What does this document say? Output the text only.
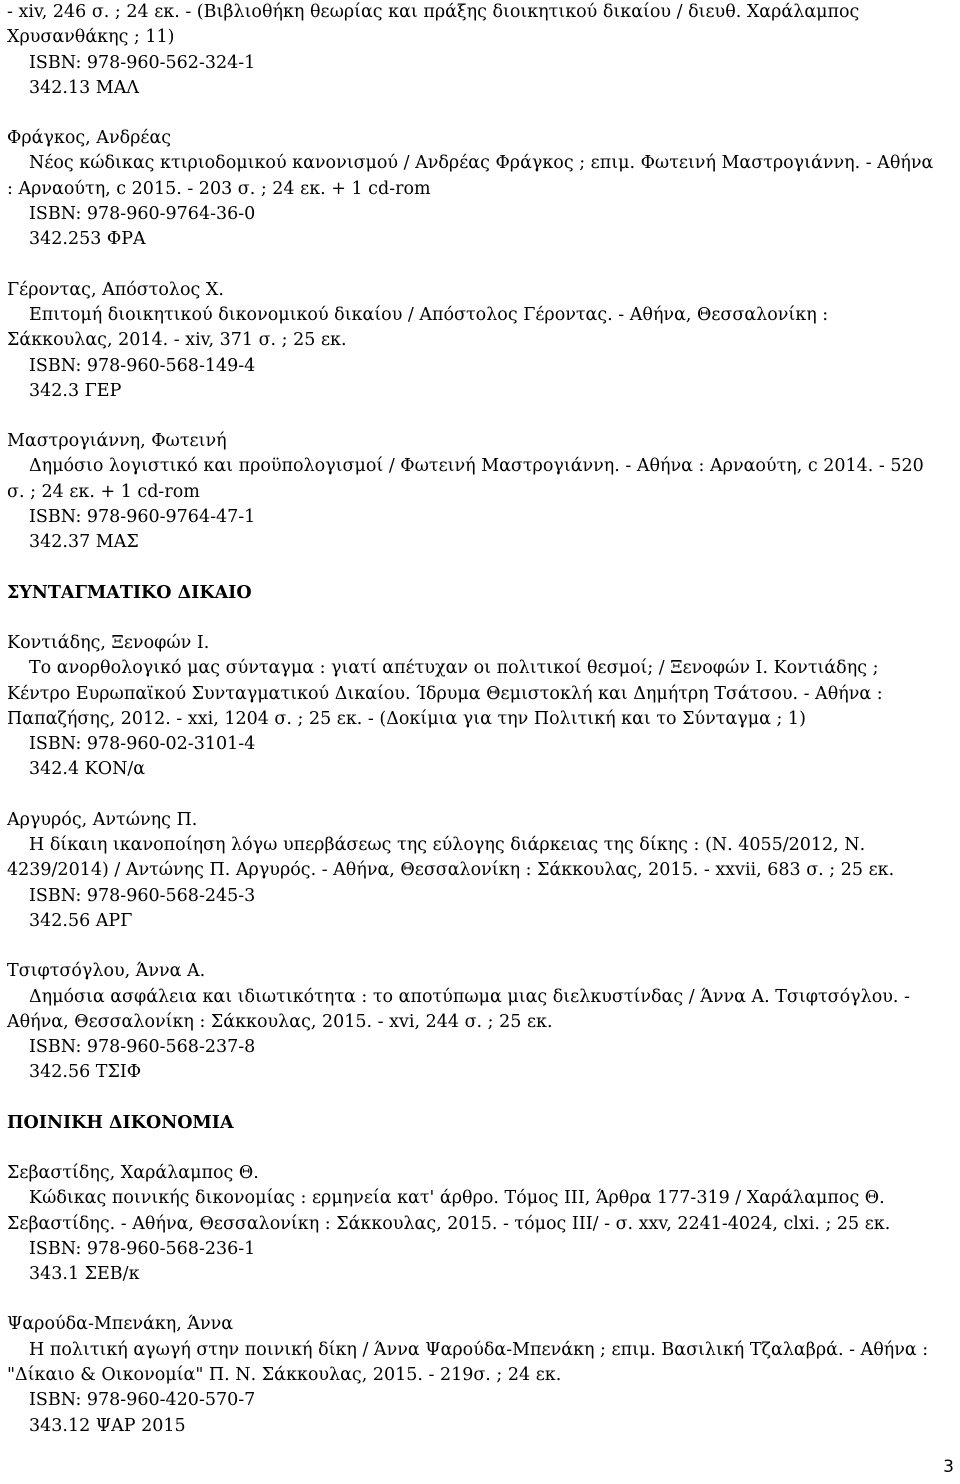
- xiv, 246 σ. ; 24 εκ. - (Βιβλιοθήκη θεωρίας και πράξης διοικητικού δικαίου / διευθ. Χαράλαμπος Χρυσανθάκης ; 11)
ISBN: 978-960-562-324-1
342.13 ΜΑΛ
Φράγκος, Ανδρέας
Νέος κώδικας κτιριοδομικού κανονισμού / Ανδρέας Φράγκος ; επιμ. Φωτεινή Μαστρογιάννη. - Αθήνα : Αρναούτη, c 2015. - 203 σ. ; 24 εκ. + 1 cd-rom
ISBN: 978-960-9764-36-0
342.253 ΦΡΑ
Γέροντας, Απόστολος Χ.
Επιτομή διοικητικού δικονομικού δικαίου / Απόστολος Γέροντας. - Αθήνα, Θεσσαλονίκη : Σάκκουλας, 2014. - xiv, 371 σ. ; 25 εκ.
ISBN: 978-960-568-149-4
342.3 ΓΕΡ
Μαστρογιάννη, Φωτεινή
Δημόσιο λογιστικό και προϋπολογισμοί / Φωτεινή Μαστρογιάννη. - Αθήνα : Αρναούτη, c 2014. - 520 σ. ; 24 εκ. + 1 cd-rom
ISBN: 978-960-9764-47-1
342.37 ΜΑΣ
ΣΥΝΤΑΓΜΑΤΙΚΟ ΔΙΚΑΙΟ
Κοντιάδης, Ξενοφών Ι.
Το ανορθολογικό μας σύνταγμα : γιατί απέτυχαν οι πολιτικοί θεσμοί; / Ξενοφών Ι. Κοντιάδης ; Κέντρο Ευρωπαϊκού Συνταγματικού Δικαίου. Ίδρυμα Θεμιστοκλή και Δημήτρη Τσάτσου. - Αθήνα : Παπαζήσης, 2012. - xxi, 1204 σ. ; 25 εκ. - (Δοκίμια για την Πολιτική και το Σύνταγμα ; 1)
ISBN: 978-960-02-3101-4
342.4 ΚΟΝ/α
Αργυρός, Αντώνης Π.
Η δίκαιη ικανοποίηση λόγω υπερβάσεως της εύλογης διάρκειας της δίκης : (Ν. 4055/2012, Ν. 4239/2014) / Αντώνης Π. Αργυρός. - Αθήνα, Θεσσαλονίκη : Σάκκουλας, 2015. - xxvii, 683 σ. ; 25 εκ.
ISBN: 978-960-568-245-3
342.56 ΑΡΓ
Τσιφτσόγλου, Άννα Α.
Δημόσια ασφάλεια και ιδιωτικότητα : το αποτύπωμα μιας διελκυστίνδας / Άννα Α. Τσιφτσόγλου. - Αθήνα, Θεσσαλονίκη : Σάκκουλας, 2015. - xvi, 244 σ. ; 25 εκ.
ISBN: 978-960-568-237-8
342.56 ΤΣΙΦ
ΠΟΙΝΙΚΗ ΔΙΚΟΝΟΜΙΑ
Σεβαστίδης, Χαράλαμπος Θ.
Κώδικας ποινικής δικονομίας : ερμηνεία κατ' άρθρο. Τόμος ΙΙΙ, Άρθρα 177-319 / Χαράλαμπος Θ. Σεβαστίδης. - Αθήνα, Θεσσαλονίκη : Σάκκουλας, 2015. - τόμος ΙΙΙ/ - σ. xxv, 2241-4024, clxi. ; 25 εκ.
ISBN: 978-960-568-236-1
343.1 ΣΕΒ/κ
Ψαρούδα-Μπενάκη, Άννα
Η πολιτική αγωγή στην ποινική δίκη / Άννα Ψαρούδα-Μπενάκη ; επιμ. Βασιλική Τζαλαβρά. - Αθήνα : "Δίκαιο & Οικονομία" Π. Ν. Σάκκουλας, 2015. - 219σ. ; 24 εκ.
ISBN: 978-960-420-570-7
343.12 ΨΑΡ 2015
3
